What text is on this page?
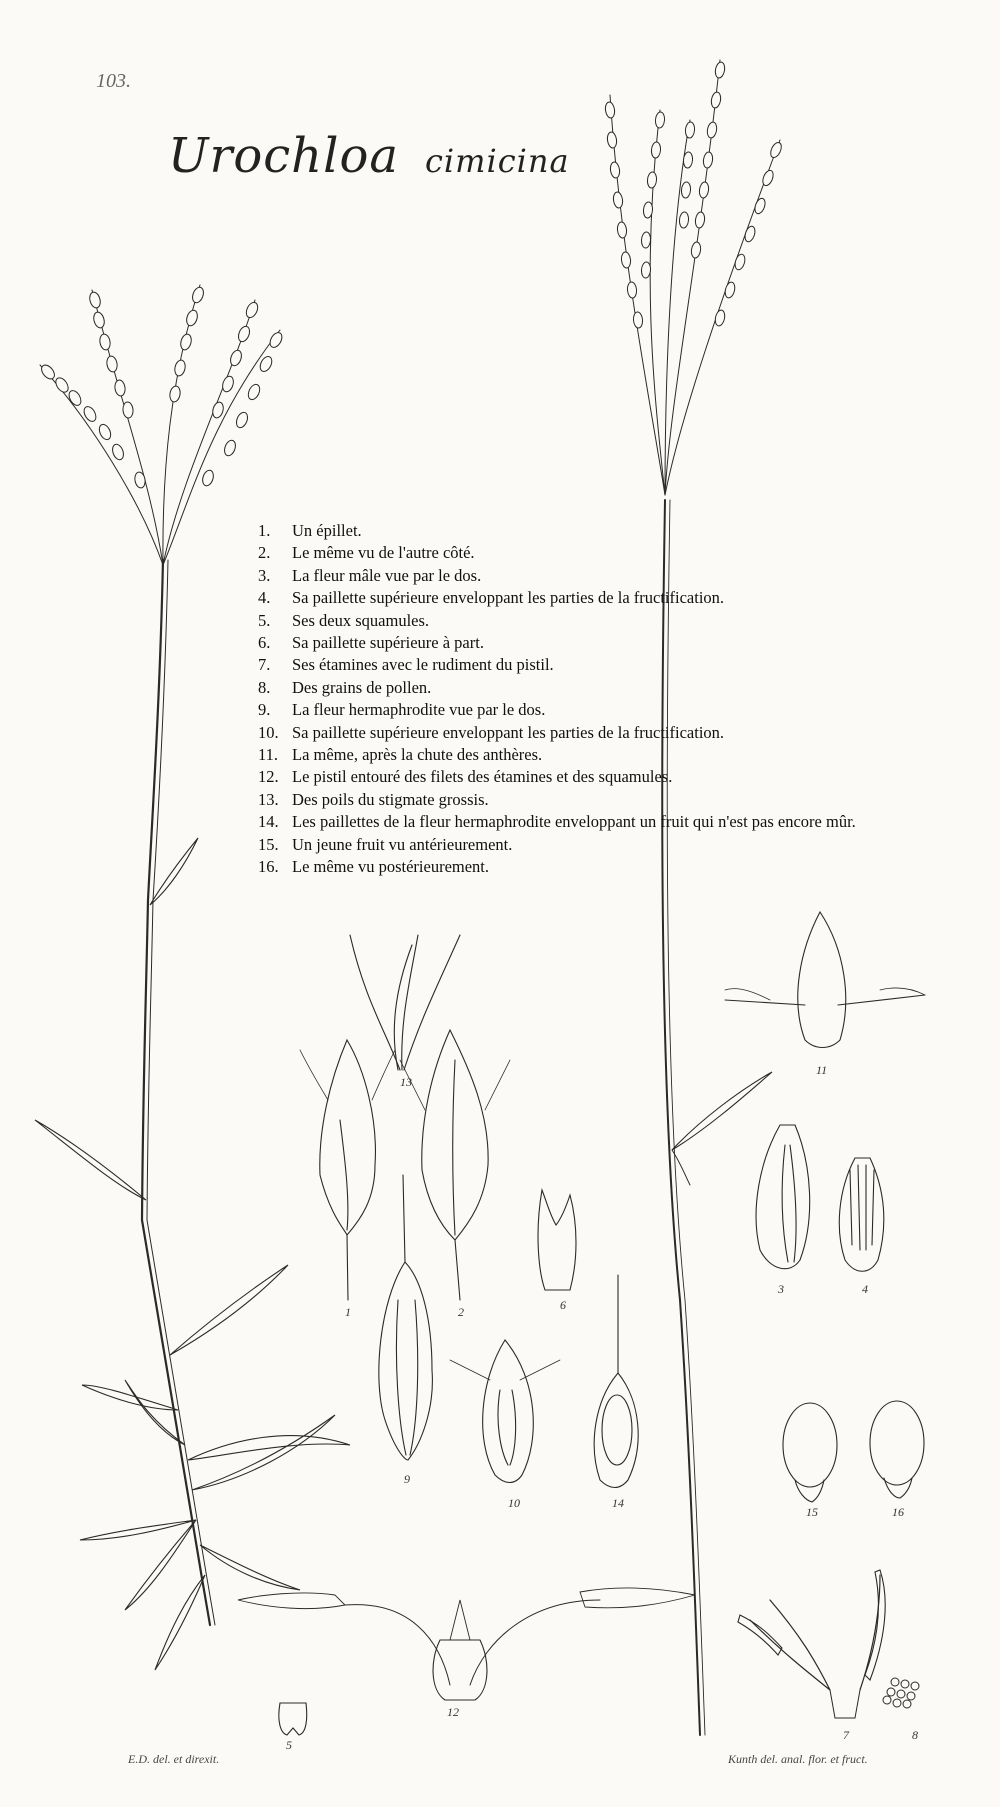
103.
Urochloa cimicina
1.	Un épillet.
2.	Le même vu de l'autre côté.
3.	La fleur mâle vue par le dos.
4.	Sa paillette supérieure enveloppant les parties de la fructification.
5.	Ses deux squamules.
6.	Sa paillette supérieure à part.
7.	Ses étamines avec le rudiment du pistil.
8.	Des grains de pollen.
9.	La fleur hermaphrodite vue par le dos.
10. Sa paillette supérieure enveloppant les parties de la fructification.
11. La même, après la chute des anthères.
12. Le pistil entouré des filets des étamines et des squamules.
13. Des poils du stigmate grossis.
14. Les paillettes de la fleur hermaphrodite enveloppant un fruit qui n'est pas encore mûr.
15. Un jeune fruit vu antérieurement.
16. Le même vu postérieurement.
13
1	2	6
9
10	14
11
3	4
15	16
12
5
7	8
E.D. del. et direxit.	Kunth del. anal. flor. et fruct.
